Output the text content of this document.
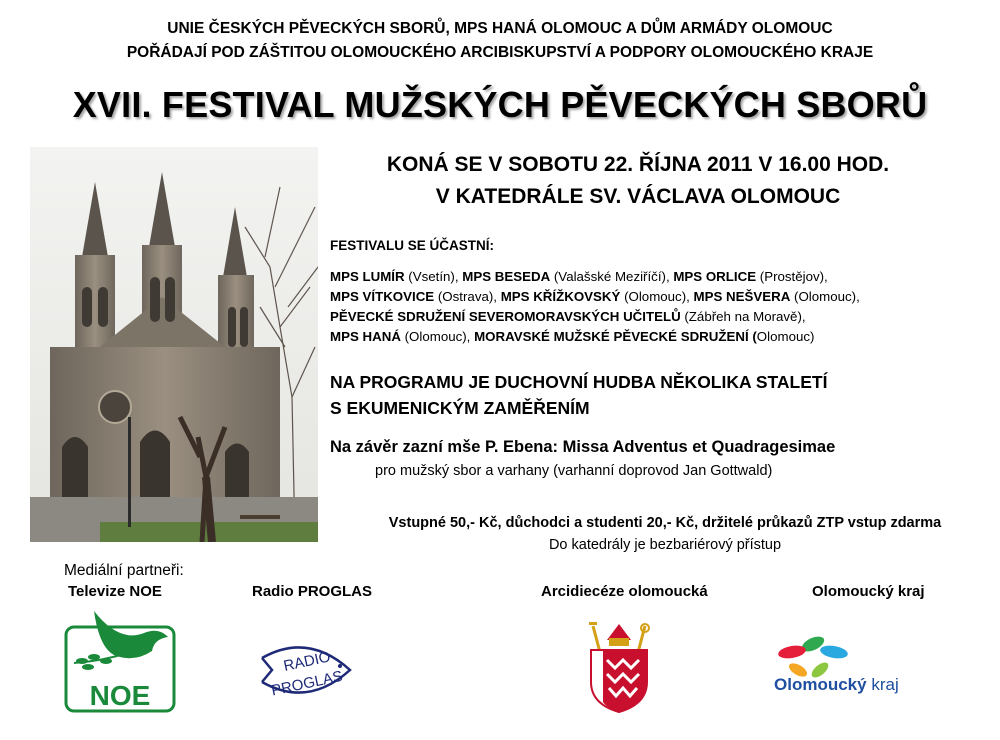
UNIE ČESKÝCH PĚVECKÝCH SBORŮ, MPS HANÁ OLOMOUC A DŮM ARMÁDY OLOMOUC
POŘÁDAJÍ POD ZÁŠTITOU OLOMOUCKÉHO ARCIBISKUPSTVÍ A PODPORY OLOMOUCKÉHO KRAJE
XVII. FESTIVAL MUŽSKÝCH PĚVECKÝCH SBORŮ
KONÁ SE V SOBOTU 22. ŘÍJNA 2011 V 16.00 HOD.
V KATEDRÁLE SV. VÁCLAVA OLOMOUC
FESTIVALU SE ÚČASTNÍ:
MPS LUMÍR (Vsetín), MPS BESEDA (Valašské Meziříčí), MPS ORLICE (Prostějov),
MPS VÍTKOVICE (Ostrava), MPS KŘÍŽKOVSKÝ (Olomouc), MPS NEŠVERA (Olomouc),
PĚVECKÉ SDRUŽENÍ SEVEROMORAVSKÝCH UČITELŮ (Zábřeh na Moravě),
MPS HANÁ (Olomouc), MORAVSKÉ MUŽSKÉ PĚVECKÉ SDRUŽENÍ (Olomouc)
NA PROGRAMU JE DUCHOVNÍ HUDBA NĚKOLIKA STALETÍ
S EKUMENICKÝM ZAMĚŘENÍM
Na závěr zazní mše P. Ebena: Missa Adventus et Quadragesimae
pro mužský sbor a varhany (varhanní doprovod Jan Gottwald)
Vstupné 50,- Kč, důchodci a studenti 20,- Kč, držitelé průkazů ZTP vstup zdarma
Do katedrály je bezbariérový přístup
Mediální partneři:
Televize NOE	Radio PROGLAS	Arcidiecéze olomoucká	Olomoucký kraj
NOE
RADIO
PROGLAS	Olomoucký kraj
